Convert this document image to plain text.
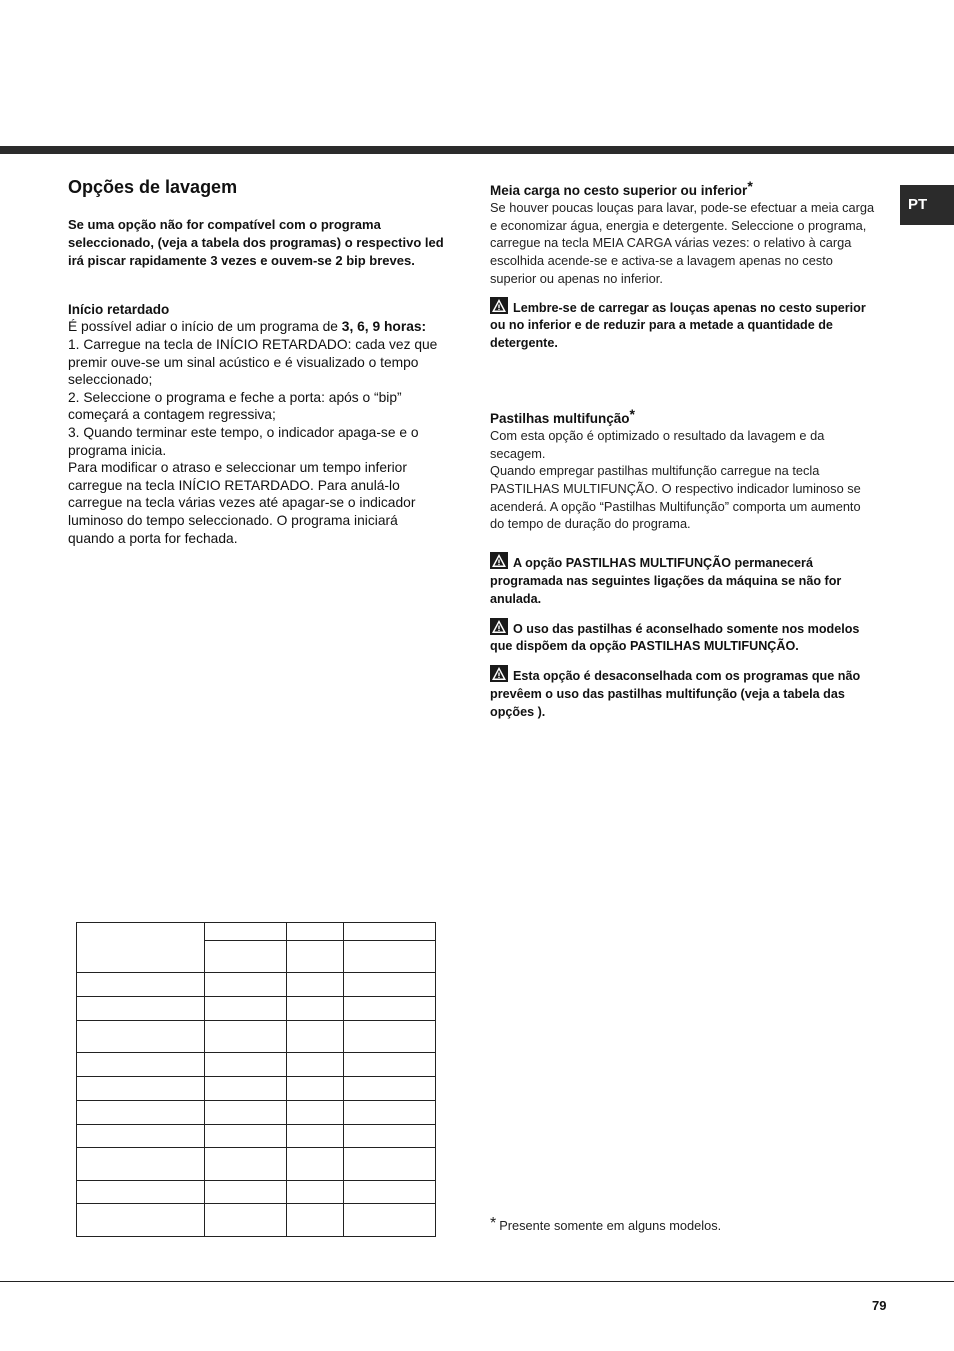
PT
Opções de lavagem

Se uma opção não for compatível com o programa seleccionado, (veja a tabela dos programas) o respectivo led irá piscar rapidamente 3 vezes e ouvem-se 2 bip breves.

Início retardado

É possível adiar o início de um programa de 3, 6, 9 horas:

1. Carregue na tecla de INÍCIO RETARDADO: cada vez que premir ouve-se um sinal acústico e é visualizado o tempo seleccionado;

2. Seleccione o programa e feche a porta: após o “bip” começará a contagem regressiva;

3. Quando terminar este tempo, o indicador apaga-se e o programa inicia.

Para modificar o atraso e seleccionar um tempo inferior carregue na tecla INÍCIO RETARDADO. Para anulá-lo carregue na tecla várias vezes até apagar-se o indicador luminoso do tempo seleccionado. O programa iniciará quando a porta for fechada.

Meia carga no cesto superior ou inferior*

Se houver poucas louças para lavar, pode-se efectuar a meia carga e economizar água, energia e detergente. Seleccione o programa, carregue na tecla MEIA CARGA várias vezes: o relativo à carga escolhida acende-se e activa-se a lavagem apenas no cesto superior ou apenas no inferior.

Lembre-se de carregar as louças apenas no cesto superior ou no inferior e de reduzir para a metade a quantidade de detergente.

Pastilhas multifunção*

Com esta opção é optimizado o resultado da lavagem e da secagem.

Quando empregar pastilhas multifunção carregue na tecla PASTILHAS MULTIFUNÇÃO. O respectivo indicador luminoso se acenderá. A opção “Pastilhas Multifunção” comporta um aumento do tempo de duração do programa.

A opção PASTILHAS MULTIFUNÇÃO permanecerá programada nas seguintes ligações da máquina se não for anulada.

O uso das pastilhas é aconselhado somente nos modelos que dispõem da opção PASTILHAS MULTIFUNÇÃO.

Esta opção é desaconselhada com os programas que não prevêem o uso das pastilhas multifunção (veja a tabela das opções ).

* Presente somente em alguns modelos.
79
